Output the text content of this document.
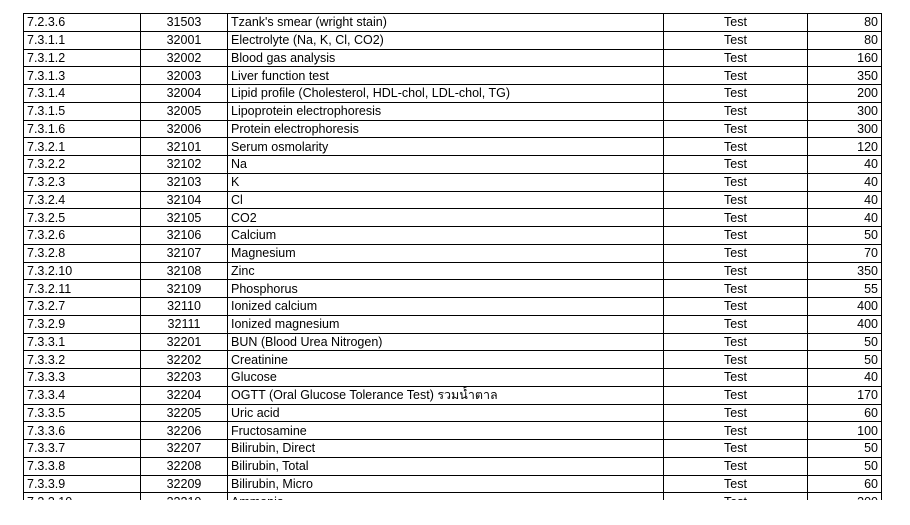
7.2.3.6	31503	Tzank's smear (wright stain)	Test	80
7.3.1.1	32001	Electrolyte (Na, K, Cl, CO2)	Test	80
7.3.1.2	32002	Blood gas analysis	Test	160
7.3.1.3	32003	Liver function test	Test	350
7.3.1.4	32004	Lipid profile (Cholesterol, HDL-chol, LDL-chol, TG)	Test	200
7.3.1.5	32005	Lipoprotein electrophoresis	Test	300
7.3.1.6	32006	Protein electrophoresis	Test	300
7.3.2.1	32101	Serum osmolarity	Test	120
7.3.2.2	32102	Na	Test	40
7.3.2.3	32103	K	Test	40
7.3.2.4	32104	Cl	Test	40
7.3.2.5	32105	CO2	Test	40
7.3.2.6	32106	Calcium	Test	50
7.3.2.8	32107	Magnesium	Test	70
7.3.2.10	32108	Zinc	Test	350
7.3.2.11	32109	Phosphorus	Test	55
7.3.2.7	32110	Ionized calcium	Test	400
7.3.2.9	32111	Ionized magnesium	Test	400
7.3.3.1	32201	BUN (Blood Urea Nitrogen)	Test	50
7.3.3.2	32202	Creatinine	Test	50
7.3.3.3	32203	Glucose	Test	40
7.3.3.4	32204	OGTT (Oral Glucose Tolerance Test) รวมน้ำตาล	Test	170
7.3.3.5	32205	Uric acid	Test	60
7.3.3.6	32206	Fructosamine	Test	100
7.3.3.7	32207	Bilirubin, Direct	Test	50
7.3.3.8	32208	Bilirubin, Total	Test	50
7.3.3.9	32209	Bilirubin, Micro	Test	60
